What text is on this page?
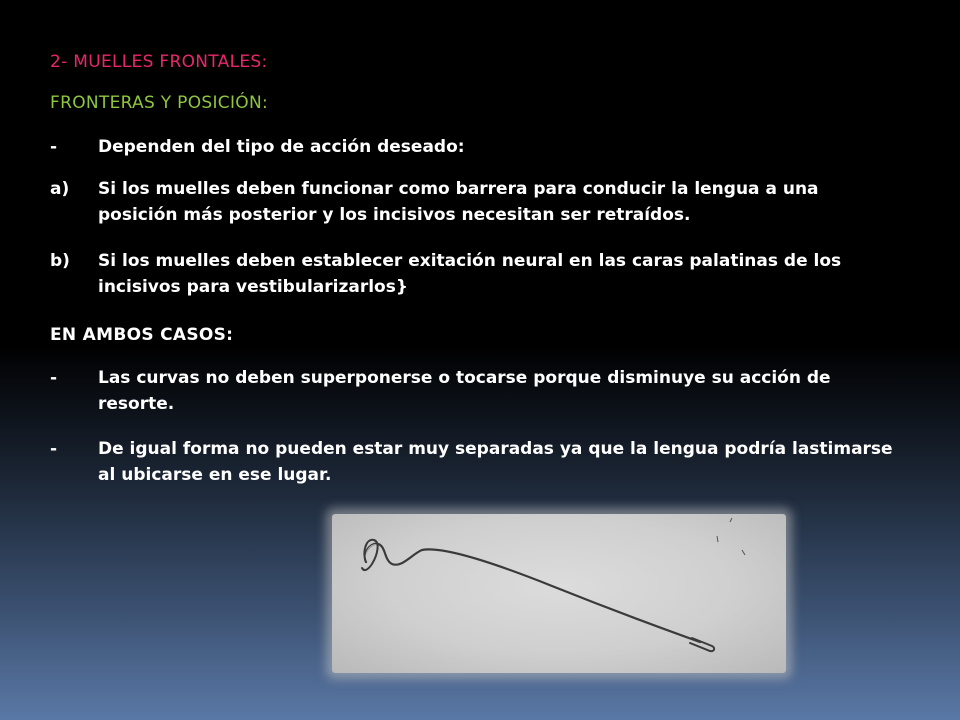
2- MUELLES FRONTALES:
FRONTERAS Y POSICIÓN:
-	Dependen del tipo de acción deseado:
a)	Si los muelles deben funcionar como barrera para conducir la lengua a una posición más posterior y los incisivos necesitan ser retraídos.
b)	Si los muelles deben establecer exitación neural en las caras palatinas de los incisivos para vestibularizarlos}
EN AMBOS CASOS:
-	Las curvas no deben superponerse o tocarse porque disminuye su acción de resorte.
-	De igual forma no pueden estar muy separadas ya que la lengua podría lastimarse al ubicarse en ese lugar.
